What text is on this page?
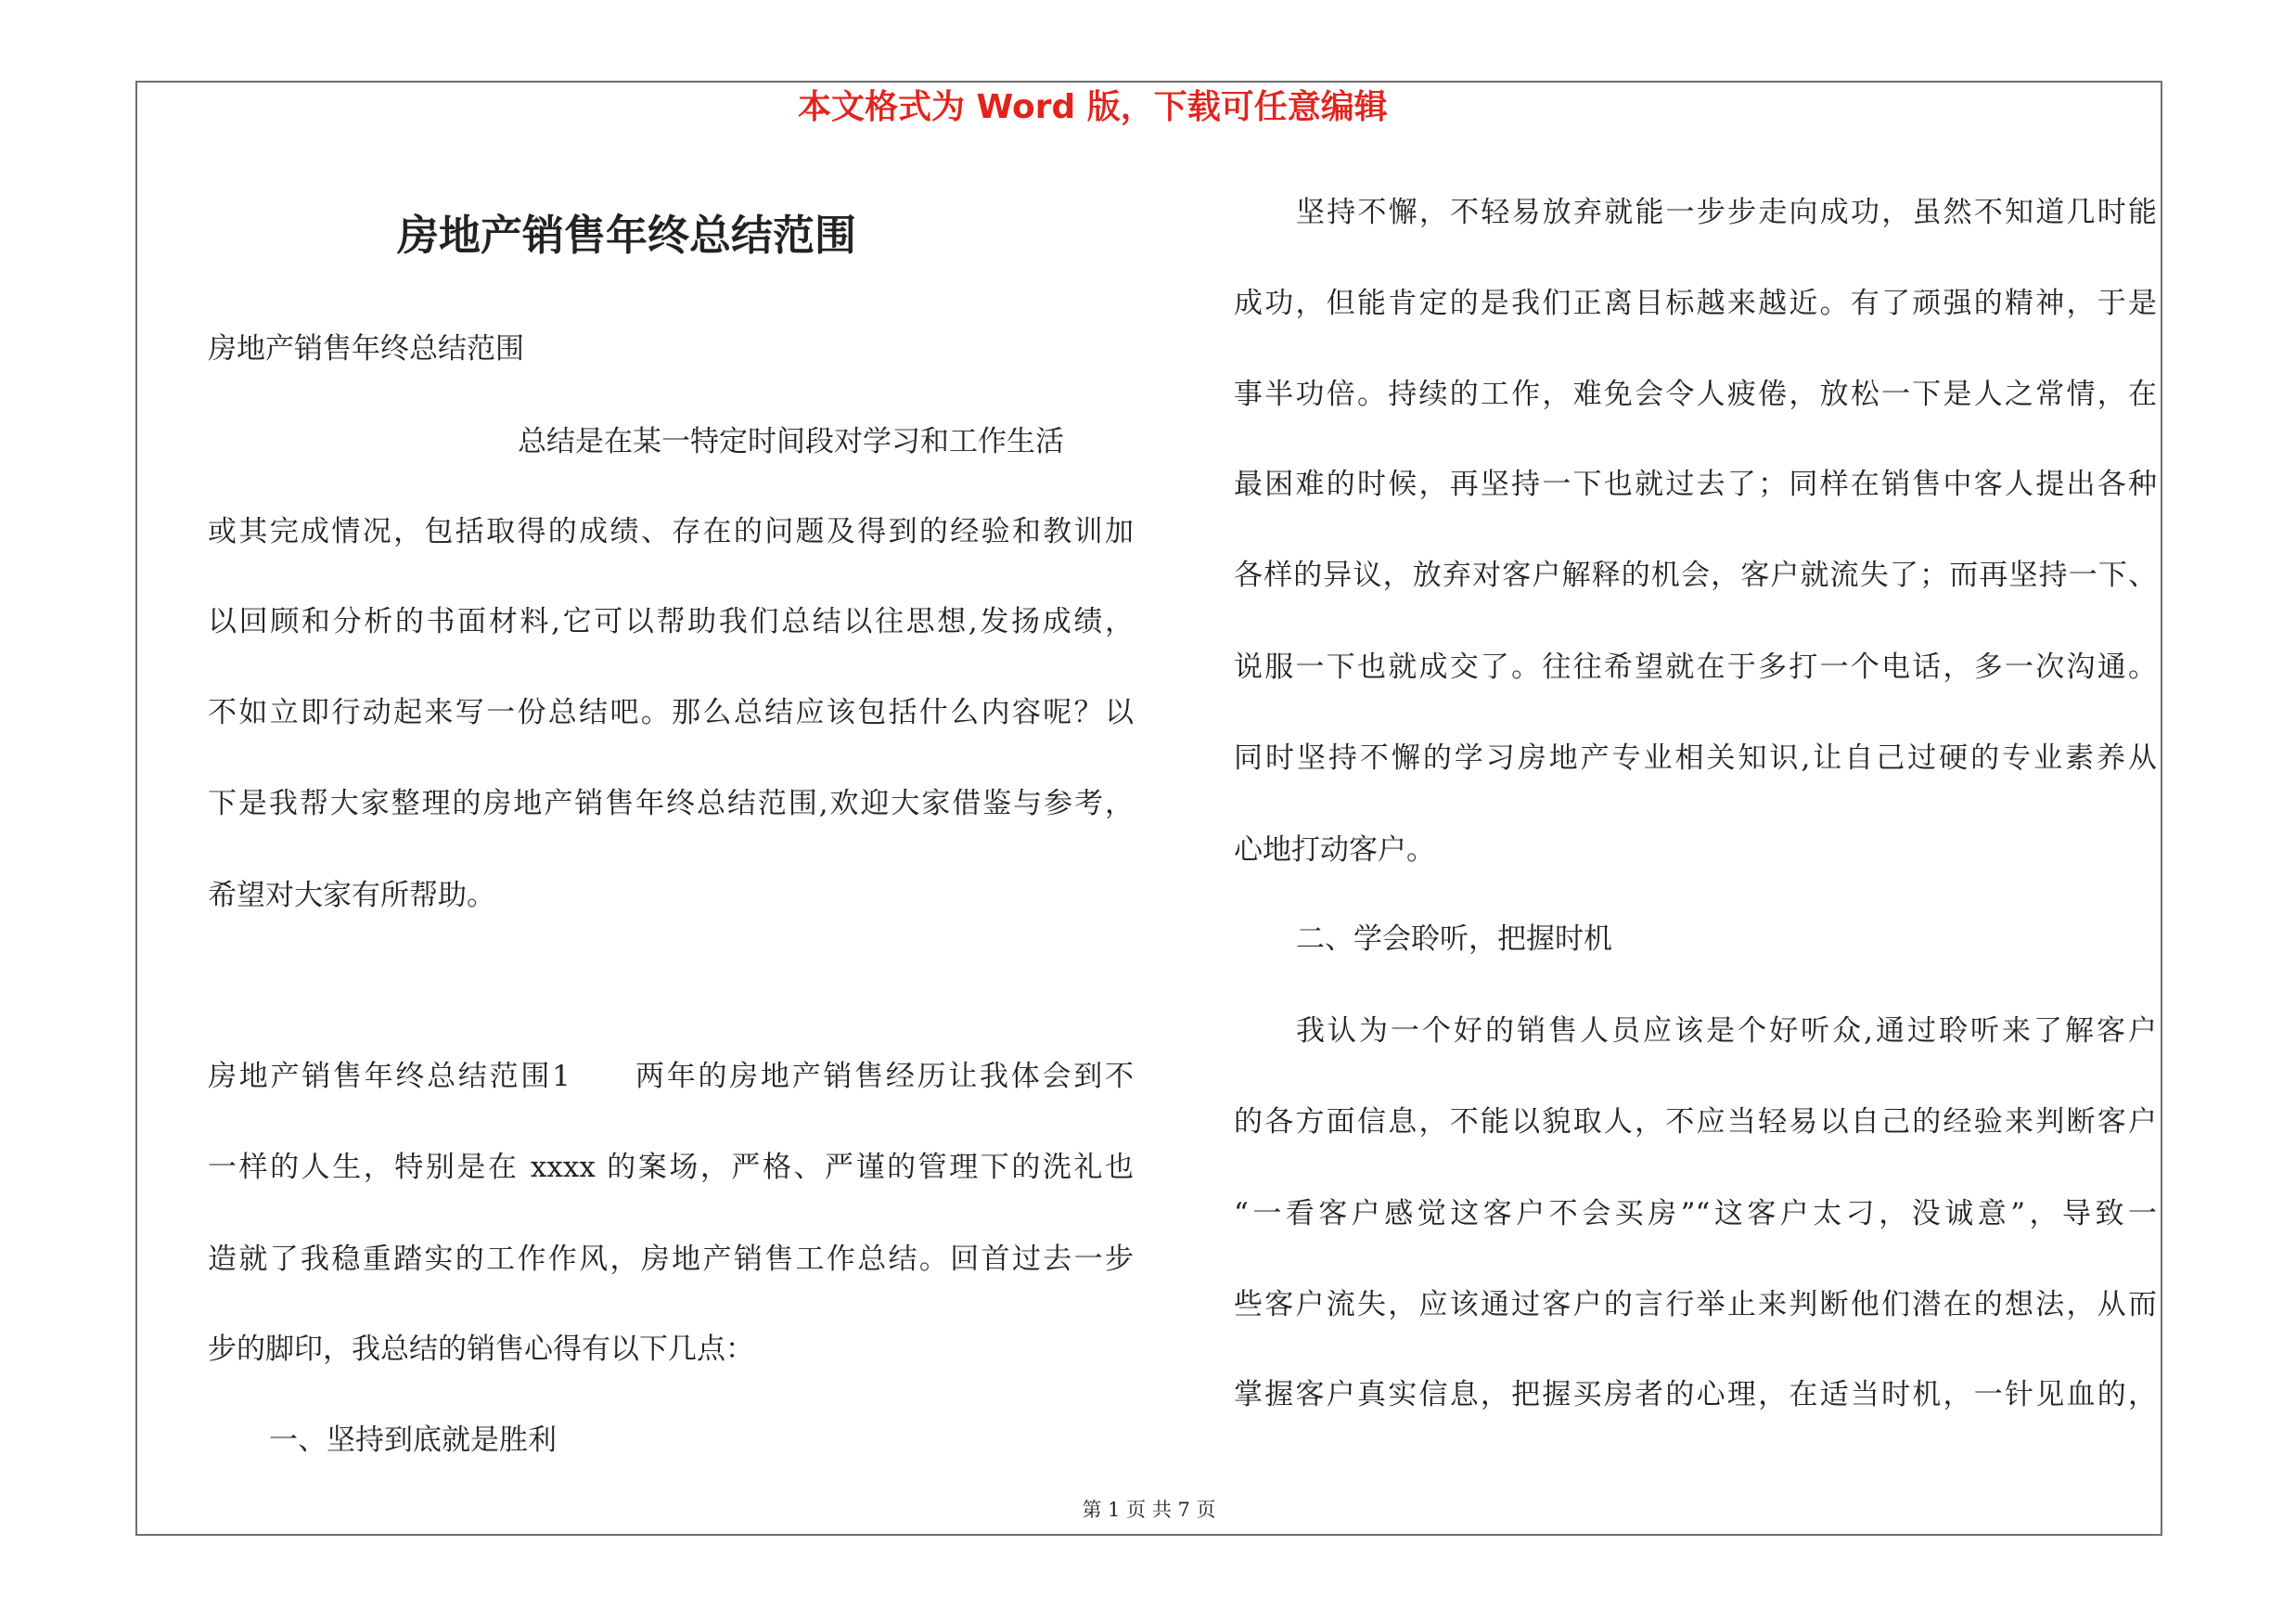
本文格式为 Word 版，下载可任意编辑
房地产销售年终总结范围
房地产销售年终总结范围
总结是在某一特定时间段对学习和工作生活
或其完成情况，包括取得的成绩、存在的问题及得到的经验和教训加
以回顾和分析的书面材料,它可以帮助我们总结以往思想,发扬成绩，
不如立即行动起来写一份总结吧。那么总结应该包括什么内容呢？以
下是我帮大家整理的房地产销售年终总结范围,欢迎大家借鉴与参考，
希望对大家有所帮助。
房地产销售年终总结范围1　　两年的房地产销售经历让我体会到不
一样的人生，特别是在 xxxx 的案场，严格、严谨的管理下的洗礼也
造就了我稳重踏实的工作作风，房地产销售工作总结。回首过去一步
步的脚印，我总结的销售心得有以下几点：
一、坚持到底就是胜利
坚持不懈，不轻易放弃就能一步步走向成功，虽然不知道几时能
成功，但能肯定的是我们正离目标越来越近。有了顽强的精神，于是
事半功倍。持续的工作，难免会令人疲倦，放松一下是人之常情，在
最困难的时候，再坚持一下也就过去了；同样在销售中客人提出各种
各样的异议，放弃对客户解释的机会，客户就流失了；而再坚持一下、
说服一下也就成交了。往往希望就在于多打一个电话，多一次沟通。
同时坚持不懈的学习房地产专业相关知识,让自己过硬的专业素养从
心地打动客户。
二、学会聆听，把握时机
我认为一个好的销售人员应该是个好听众,通过聆听来了解客户
的各方面信息，不能以貌取人，不应当轻易以自己的经验来判断客户
“一看客户感觉这客户不会买房”“这客户太刁，没诚意”，导致一
些客户流失，应该通过客户的言行举止来判断他们潜在的想法，从而
掌握客户真实信息，把握买房者的心理，在适当时机，一针见血的，
第 1 页 共 7 页
